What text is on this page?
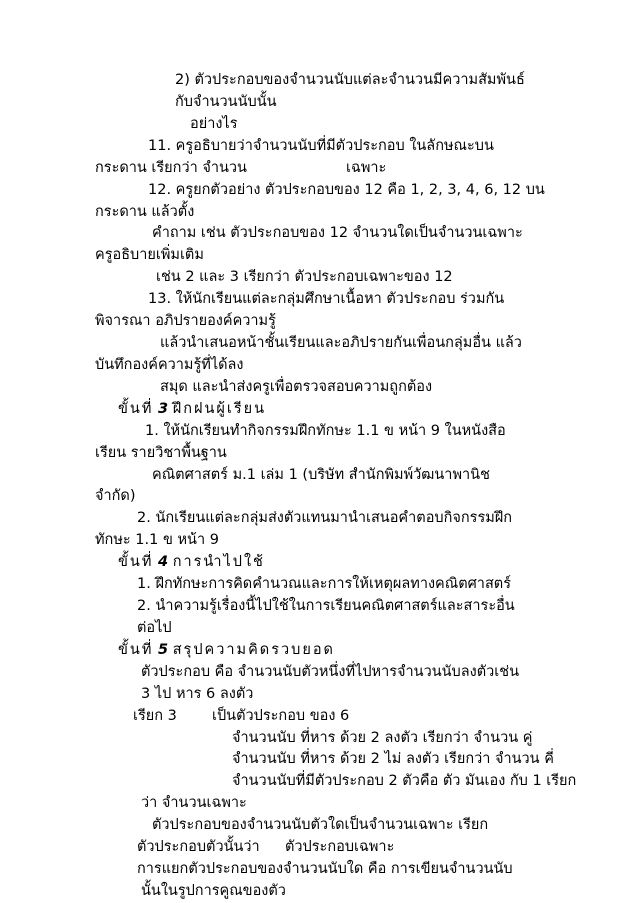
2) ตัวประกอบของจำนวนนับแต่ละจำนวนมีความสัมพันธ์
กับจำนวนนับนั้น
อย่างไร
11. ครูอธิบายว่าจำนวนนับที่มีตัวประกอบ ในลักษณะบน
กระดาน เรียกว่า จำนวน	เฉพาะ
12. ครูยกตัวอย่าง ตัวประกอบของ 12 คือ 1, 2, 3, 4, 6, 12 บน
กระดาน แล้วตั้ง
คำถาม เช่น ตัวประกอบของ 12 จำนวนใดเป็นจำนวนเฉพาะ
ครูอธิบายเพิ่มเติม
เช่น 2 และ 3 เรียกว่า ตัวประกอบเฉพาะของ 12
13. ให้นักเรียนแต่ละกลุ่มศึกษาเนื้อหา ตัวประกอบ ร่วมกัน
พิจารณา อภิปรายองค์ความรู้
แล้วนำเสนอหน้าชั้นเรียนและอภิปรายกันเพื่อนกลุ่มอื่น แล้ว
บันทึกองค์ความรู้ที่ได้ลง
สมุด และนำส่งครูเพื่อตรวจสอบความถูกต้อง
ขั้นที่ 3 ฝึกฝนผู้เรียน
1. ให้นักเรียนทำกิจกรรมฝึกทักษะ 1.1 ข หน้า 9 ในหนังสือ
เรียน รายวิชาพื้นฐาน
คณิตศาสตร์ ม.1 เล่ม 1 (บริษัท สำนักพิมพ์วัฒนาพานิช
จำกัด)
2. นักเรียนแต่ละกลุ่มส่งตัวแทนมานำเสนอคำตอบกิจกรรมฝึก
ทักษะ 1.1 ข หน้า 9
ขั้นที่ 4 การนำไปใช้
1. ฝึกทักษะการคิดคำนวณและการให้เหตุผลทางคณิตศาสตร์
2. นำความรู้เรื่องนี้ไปใช้ในการเรียนคณิตศาสตร์และสาระอื่น
ต่อไป
ขั้นที่ 5 สรุปความคิดรวบยอด
ตัวประกอบ คือ จำนวนนับตัวหนึ่งที่ไปหารจำนวนนับลงตัวเช่น
3 ไป หาร 6 ลงตัว
เรียก 3 เป็นตัวประกอบ ของ 6
จำนวนนับ ที่หาร ด้วย 2 ลงตัว เรียกว่า จำนวน คู่
จำนวนนับ ที่หาร ด้วย 2 ไม่ ลงตัว เรียกว่า จำนวน คี่
จำนวนนับที่มีตัวประกอบ 2 ตัวคือ ตัว มันเอง กับ 1 เรียก
ว่า จำนวนเฉพาะ
ตัวประกอบของจำนวนนับตัวใดเป็นจำนวนเฉพาะ เรียก
ตัวประกอบตัวนั้นว่า ตัวประกอบเฉพาะ
การแยกตัวประกอบของจำนวนนับใด คือ การเขียนจำนวนนับ
นั้นในรูปการคูณของตัว
